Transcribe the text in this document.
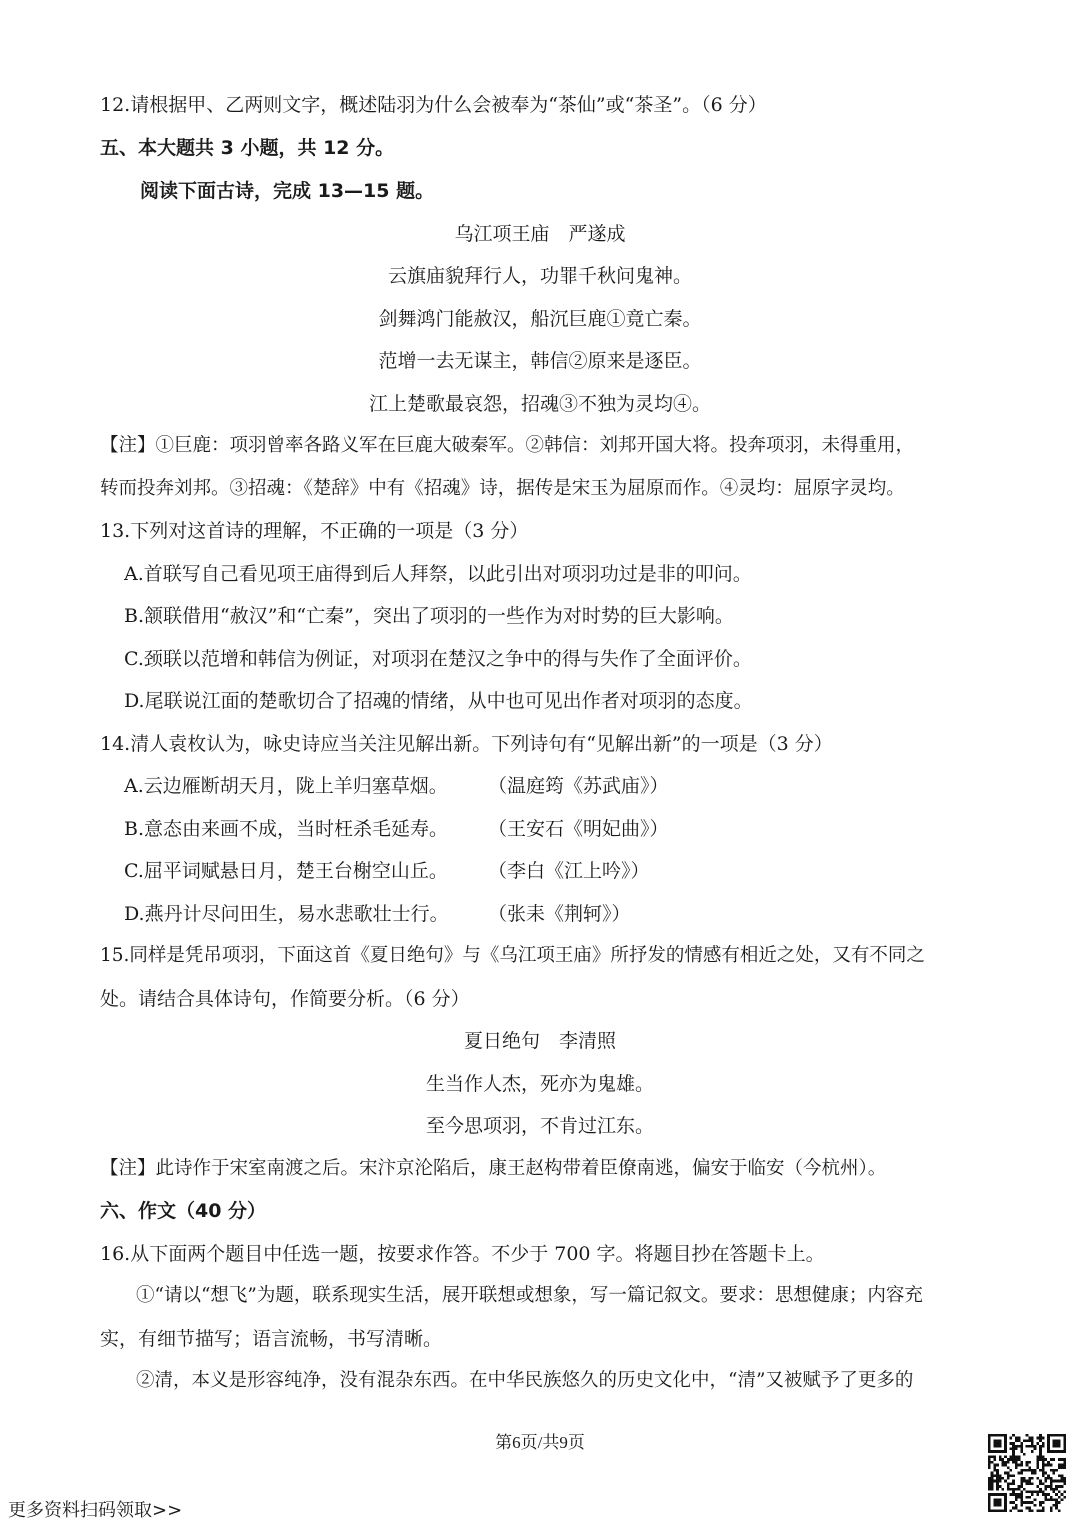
12.请根据甲、乙两则文字，概述陆羽为什么会被奉为“茶仙”或“茶圣”。（6 分）
五、本大题共 3 小题，共 12 分。
阅读下面古诗，完成 13—15 题。
乌江项王庙　严遂成
云旗庙貌拜行人，功罪千秋问鬼神。
剑舞鸿门能赦汉，船沉巨鹿①竟亡秦。
范增一去无谋主，韩信②原来是逐臣。
江上楚歌最哀怨，招魂③不独为灵均④。
【注】①巨鹿：项羽曾率各路义军在巨鹿大破秦军。②韩信：刘邦开国大将。投奔项羽，未得重用，
转而投奔刘邦。③招魂：《楚辞》中有《招魂》诗，据传是宋玉为屈原而作。④灵均：屈原字灵均。
13.下列对这首诗的理解，不正确的一项是（3 分）
A.首联写自己看见项王庙得到后人拜祭，以此引出对项羽功过是非的叩问。
B.颔联借用“赦汉”和“亡秦”，突出了项羽的一些作为对时势的巨大影响。
C.颈联以范增和韩信为例证，对项羽在楚汉之争中的得与失作了全面评价。
D.尾联说江面的楚歌切合了招魂的情绪，从中也可见出作者对项羽的态度。
14.清人袁枚认为，咏史诗应当关注见解出新。下列诗句有“见解出新”的一项是（3 分）
A.云边雁断胡天月，陇上羊归塞草烟。 （温庭筠《苏武庙》）
B.意态由来画不成，当时枉杀毛延寿。 （王安石《明妃曲》）
C.屈平词赋悬日月，楚王台榭空山丘。 （李白《江上吟》）
D.燕丹计尽问田生，易水悲歌壮士行。 （张耒《荆轲》）
15.同样是凭吊项羽，下面这首《夏日绝句》与《乌江项王庙》所抒发的情感有相近之处，又有不同之
处。请结合具体诗句，作简要分析。（6 分）
夏日绝句　李清照
生当作人杰，死亦为鬼雄。
至今思项羽，不肯过江东。
【注】此诗作于宋室南渡之后。宋汴京沦陷后，康王赵构带着臣僚南逃，偏安于临安（今杭州）。
六、作文（40 分）
16.从下面两个题目中任选一题，按要求作答。不少于 700 字。将题目抄在答题卡上。
①“请以“想飞”为题，联系现实生活，展开联想或想象，写一篇记叙文。要求：思想健康；内容充
实，有细节描写；语言流畅，书写清晰。
②清，本义是形容纯净，没有混杂东西。在中华民族悠久的历史文化中，“清”又被赋予了更多的
第6页/共9页
更多资料扫码领取>>
